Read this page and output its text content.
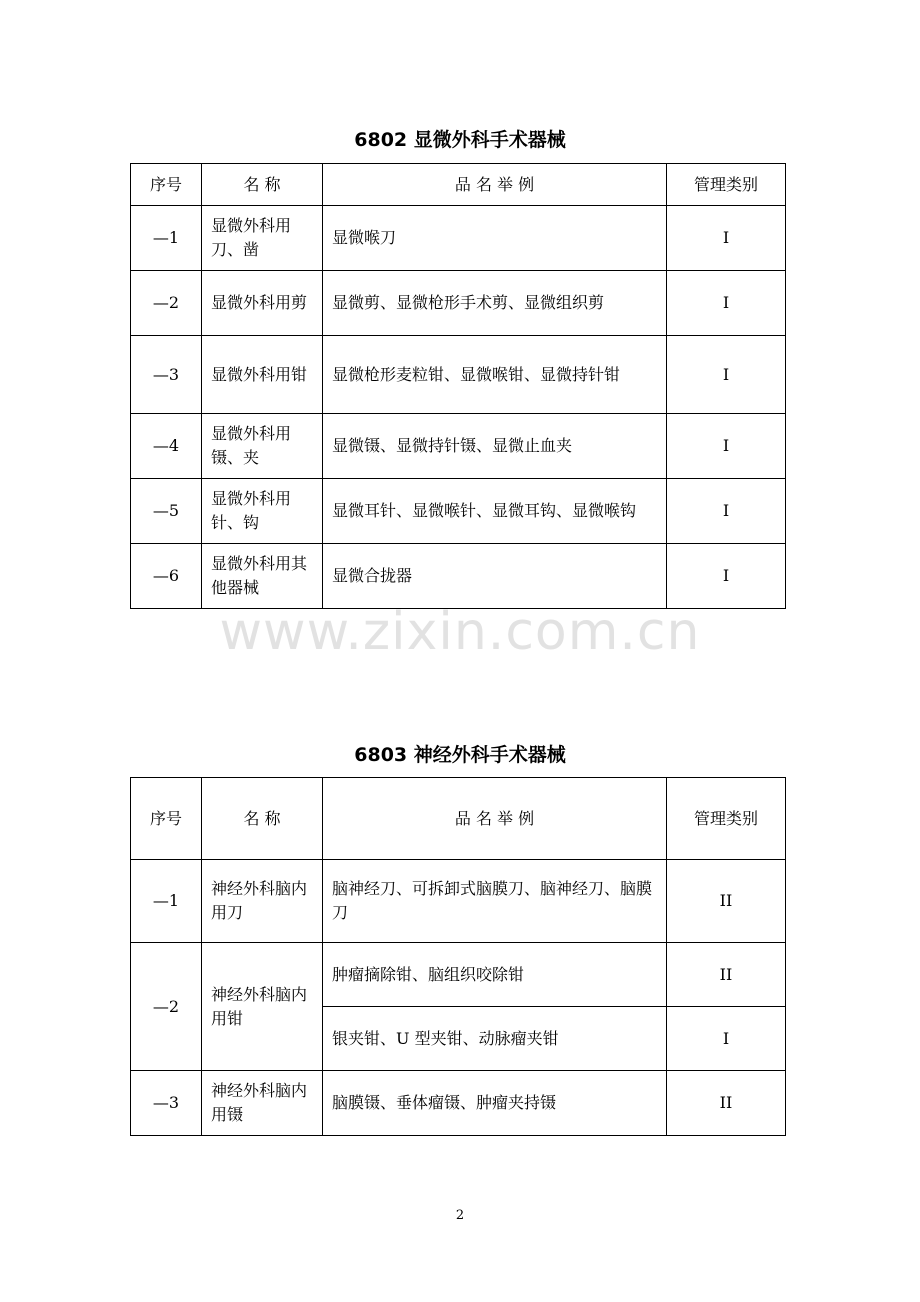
6802 显微外科手术器械
序号	名 称	品 名 举 例	管理类别
—1	显微外科用刀、凿	显微喉刀	I
—2	显微外科用剪	显微剪、显微枪形手术剪、显微组织剪	I
—3	显微外科用钳	显微枪形麦粒钳、显微喉钳、显微持针钳	I
—4	显微外科用镊、夹	显微镊、显微持针镊、显微止血夹	I
—5	显微外科用针、钩	显微耳针、显微喉针、显微耳钩、显微喉钩	I
—6	显微外科用其他器械	显微合拢器	I
www.zixin.com.cn
6803 神经外科手术器械
序号	名 称	品 名 举 例	管理类别
—1	神经外科脑内用刀	脑神经刀、可拆卸式脑膜刀、脑神经刀、脑膜刀	II
—2	神经外科脑内用钳	肿瘤摘除钳、脑组织咬除钳	II
		银夹钳、U 型夹钳、动脉瘤夹钳	I
—3	神经外科脑内用镊	脑膜镊、垂体瘤镊、肿瘤夹持镊	II
2
